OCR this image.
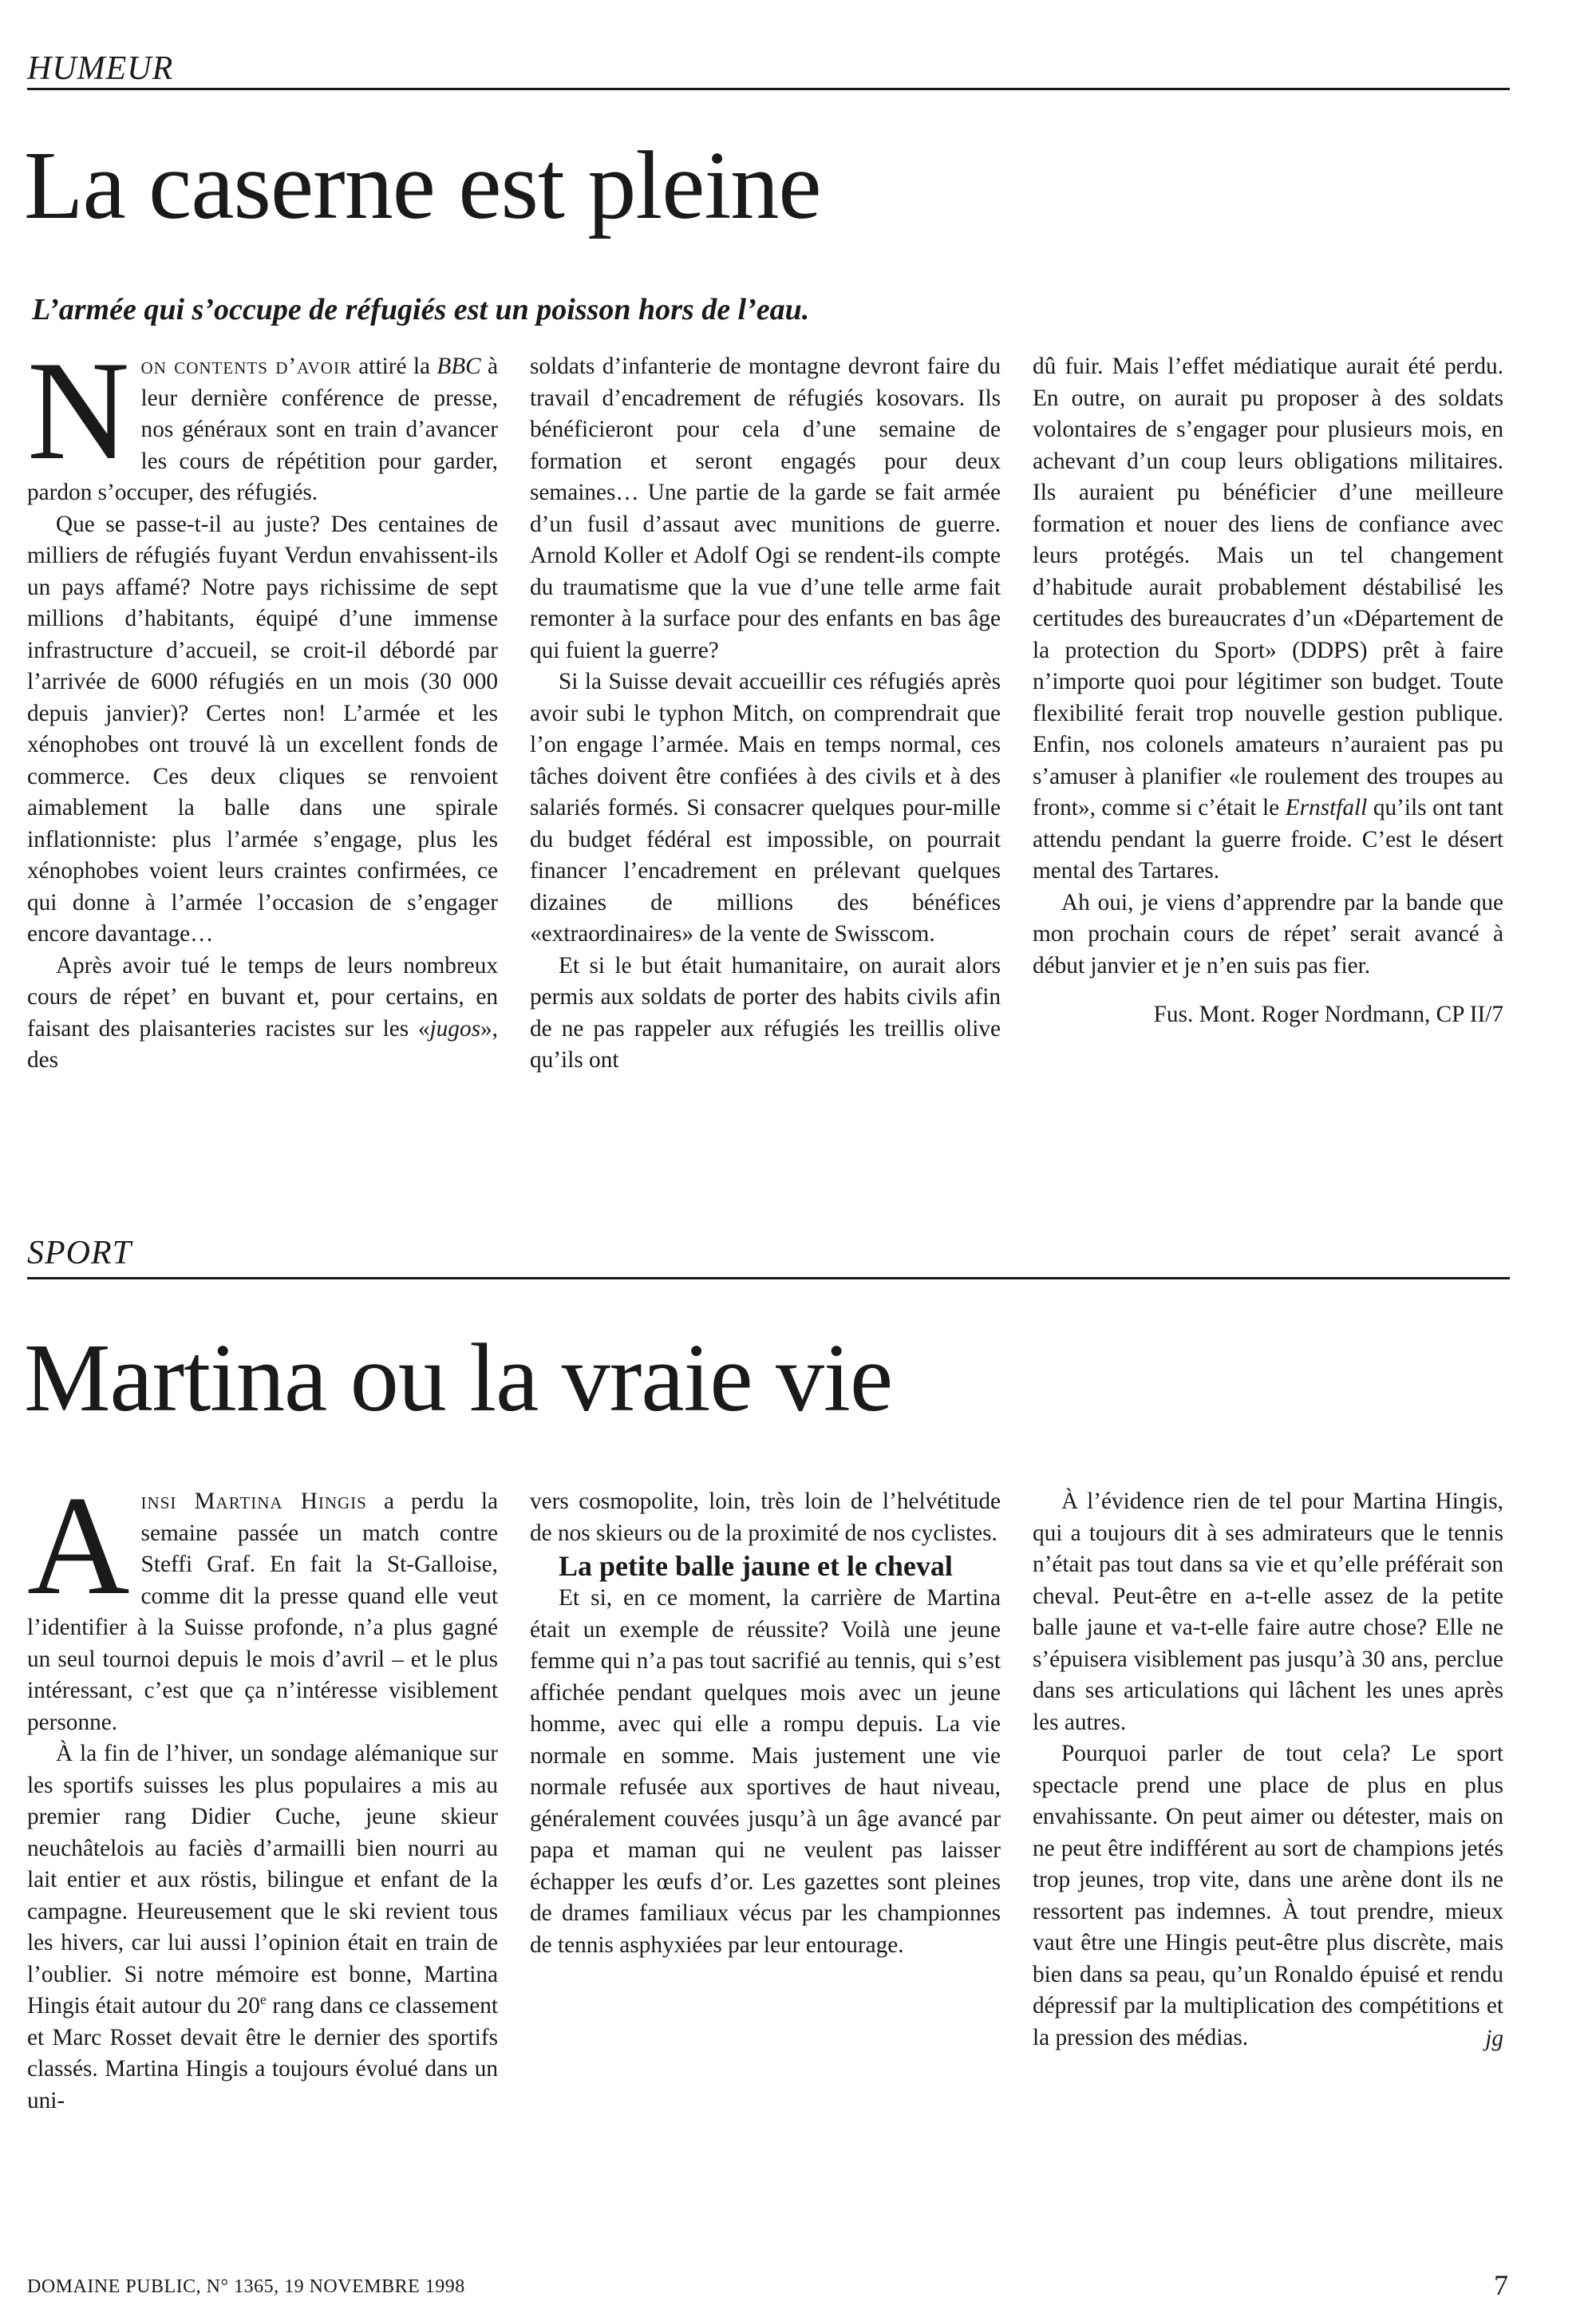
HUMEUR
La caserne est pleine

L’armée qui s’occupe de réfugiés est un poisson hors de l’eau.

Non contents d’avoir attiré la BBC à leur dernière conférence de presse, nos généraux sont en train d’avancer les cours de répétition pour garder, pardon s’occuper, des réfugiés.

Que se passe-t-il au juste? Des centaines de milliers de réfugiés fuyant Verdun envahissent-ils un pays affamé? Notre pays richissime de sept millions d’habitants, équipé d’une immense infrastructure d’accueil, se croit-il débordé par l’arrivée de 6000 réfugiés en un mois (30 000 depuis janvier)? Certes non! L’armée et les xénophobes ont trouvé là un excellent fonds de commerce. Ces deux cliques se renvoient aimablement la balle dans une spirale inflationniste: plus l’armée s’engage, plus les xénophobes voient leurs craintes confirmées, ce qui donne à l’armée l’occasion de s’engager encore davantage…

Après avoir tué le temps de leurs nombreux cours de répet’ en buvant et, pour certains, en faisant des plaisanteries racistes sur les «jugos», des

soldats d’infanterie de montagne devront faire du travail d’encadrement de réfugiés kosovars. Ils bénéficieront pour cela d’une semaine de formation et seront engagés pour deux semaines… Une partie de la garde se fait armée d’un fusil d’assaut avec munitions de guerre. Arnold Koller et Adolf Ogi se rendent-ils compte du traumatisme que la vue d’une telle arme fait remonter à la surface pour des enfants en bas âge qui fuient la guerre?

Si la Suisse devait accueillir ces réfugiés après avoir subi le typhon Mitch, on comprendrait que l’on engage l’armée. Mais en temps normal, ces tâches doivent être confiées à des civils et à des salariés formés. Si consacrer quelques pour-mille du budget fédéral est impossible, on pourrait financer l’encadrement en prélevant quelques dizaines de millions des bénéfices «extraordinaires» de la vente de Swisscom.

Et si le but était humanitaire, on aurait alors permis aux soldats de porter des habits civils afin de ne pas rappeler aux réfugiés les treillis olive qu’ils ont

dû fuir. Mais l’effet médiatique aurait été perdu. En outre, on aurait pu proposer à des soldats volontaires de s’engager pour plusieurs mois, en achevant d’un coup leurs obligations militaires. Ils auraient pu bénéficier d’une meilleure formation et nouer des liens de confiance avec leurs protégés. Mais un tel changement d’habitude aurait probablement déstabilisé les certitudes des bureaucrates d’un «Département de la protection du Sport» (DDPS) prêt à faire n’importe quoi pour légitimer son budget. Toute flexibilité ferait trop nouvelle gestion publique. Enfin, nos colonels amateurs n’auraient pas pu s’amuser à planifier «le roulement des troupes au front», comme si c’était le Ernstfall qu’ils ont tant attendu pendant la guerre froide. C’est le désert mental des Tartares.

Ah oui, je viens d’apprendre par la bande que mon prochain cours de répet’ serait avancé à début janvier et je n’en suis pas fier.

Fus. Mont. Roger Nordmann, CP II/7

SPORT
Martina ou la vraie vie

Ainsi Martina Hingis a perdu la semaine passée un match contre Steffi Graf. En fait la St-Galloise, comme dit la presse quand elle veut l’identifier à la Suisse profonde, n’a plus gagné un seul tournoi depuis le mois d’avril – et le plus intéressant, c’est que ça n’intéresse visiblement personne.

À la fin de l’hiver, un sondage alémanique sur les sportifs suisses les plus populaires a mis au premier rang Didier Cuche, jeune skieur neuchâtelois au faciès d’armailli bien nourri au lait entier et aux röstis, bilingue et enfant de la campagne. Heureusement que le ski revient tous les hivers, car lui aussi l’opinion était en train de l’oublier. Si notre mémoire est bonne, Martina Hingis était autour du 20e rang dans ce classement et Marc Rosset devait être le dernier des sportifs classés. Martina Hingis a toujours évolué dans un uni-

vers cosmopolite, loin, très loin de l’helvétitude de nos skieurs ou de la proximité de nos cyclistes.

La petite balle jaune et le cheval

Et si, en ce moment, la carrière de Martina était un exemple de réussite? Voilà une jeune femme qui n’a pas tout sacrifié au tennis, qui s’est affichée pendant quelques mois avec un jeune homme, avec qui elle a rompu depuis. La vie normale en somme. Mais justement une vie normale refusée aux sportives de haut niveau, généralement couvées jusqu’à un âge avancé par papa et maman qui ne veulent pas laisser échapper les œufs d’or. Les gazettes sont pleines de drames familiaux vécus par les championnes de tennis asphyxiées par leur entourage.

À l’évidence rien de tel pour Martina Hingis, qui a toujours dit à ses admirateurs que le tennis n’était pas tout dans sa vie et qu’elle préférait son cheval. Peut-être en a-t-elle assez de la petite balle jaune et va-t-elle faire autre chose? Elle ne s’épuisera visiblement pas jusqu’à 30 ans, perclue dans ses articulations qui lâchent les unes après les autres.

Pourquoi parler de tout cela? Le sport spectacle prend une place de plus en plus envahissante. On peut aimer ou détester, mais on ne peut être indifférent au sort de champions jetés trop jeunes, trop vite, dans une arène dont ils ne ressortent pas indemnes. À tout prendre, mieux vaut être une Hingis peut-être plus discrète, mais bien dans sa peau, qu’un Ronaldo épuisé et rendu dépressif par la multiplication des compétitions et la pression des médias.	jg

DOMAINE PUBLIC, N° 1365, 19 NOVEMBRE 1998	7
